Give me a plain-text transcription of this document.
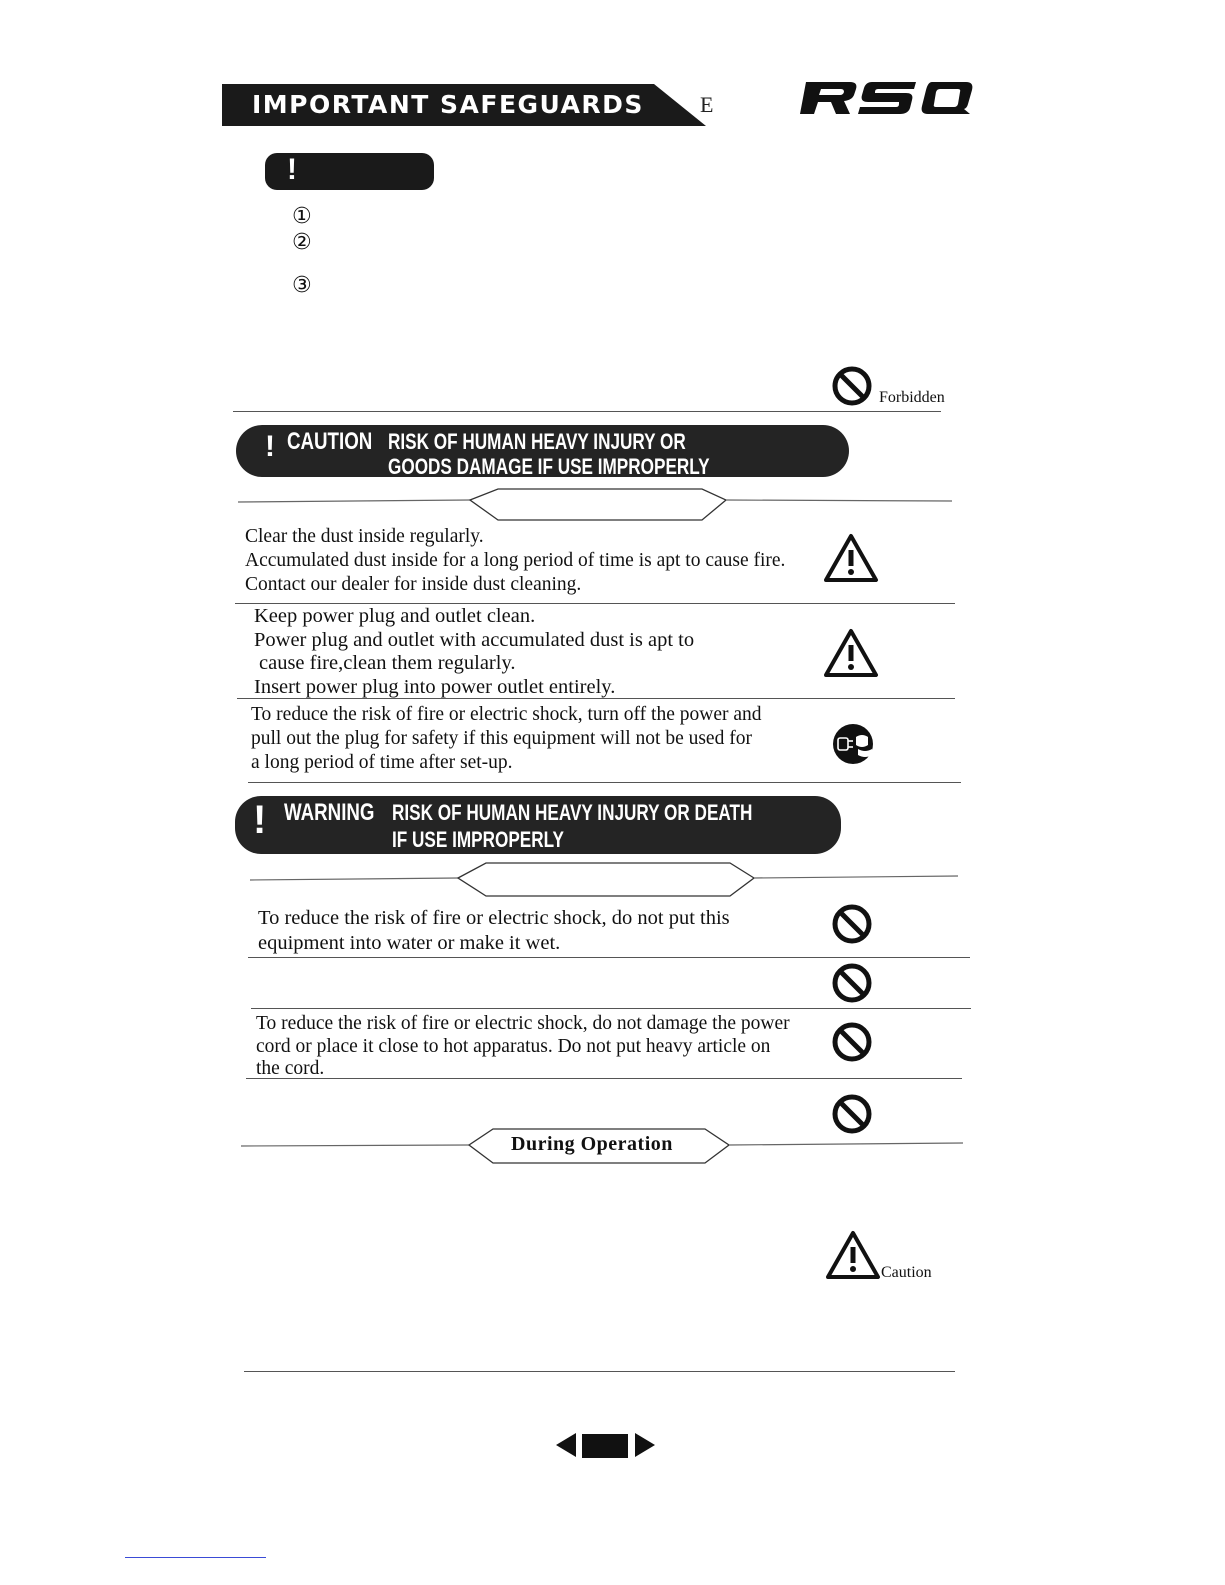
IMPORTANT SAFEGUARDS	E
!
①
②
③
Forbidden
! CAUTION RISK OF HUMAN HEAVY INJURY OR
GOODS DAMAGE IF USE IMPROPERLY
Clear the dust inside regularly.
Accumulated dust inside for a long period of time is apt to cause fire.
Contact our dealer for inside dust cleaning.
Keep power plug and outlet clean.
Power plug and outlet with accumulated dust is apt to
cause fire,clean them regularly.
Insert power plug into power outlet entirely.
To reduce the risk of fire or electric shock, turn off the power and
pull out the plug for safety if this equipment will not be used for
a long period of time after set-up.
! WARNING RISK OF HUMAN HEAVY INJURY OR DEATH
IF USE IMPROPERLY
To reduce the risk of fire or electric shock, do not put this
equipment into water or make it wet.
To reduce the risk of fire or electric shock, do not damage the power
cord or place it close to hot apparatus. Do not put heavy article on
the cord.
During Operation
Caution
